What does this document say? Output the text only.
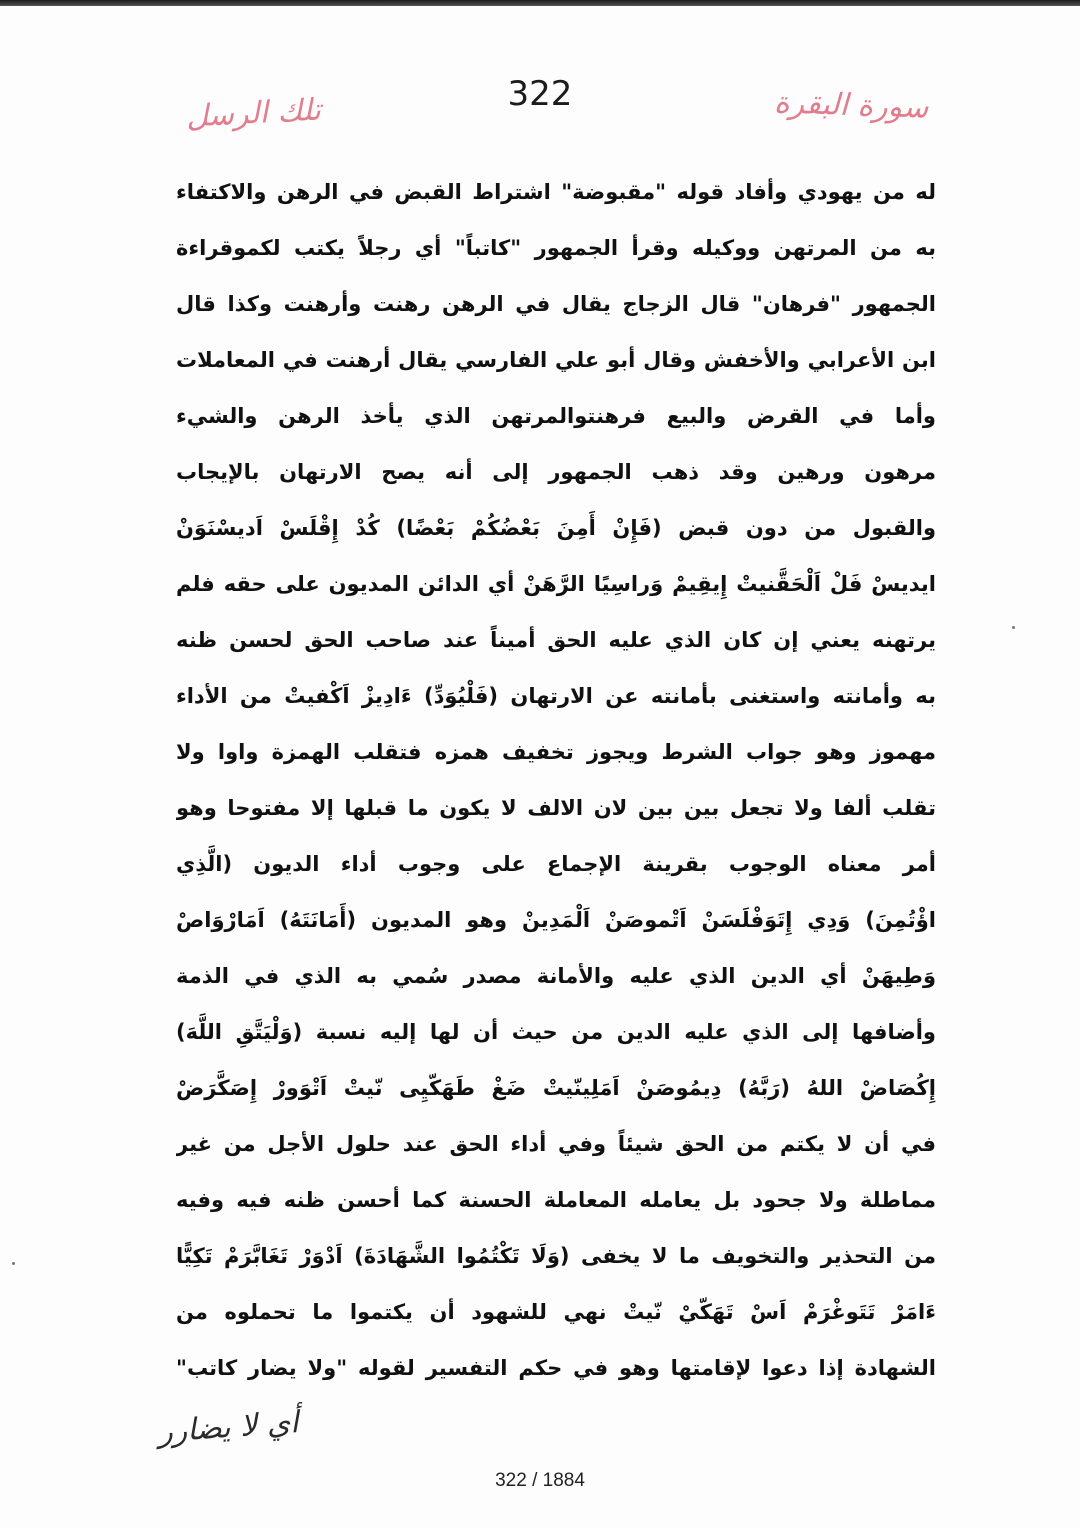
322
تلك الرسل	سورة البقرة
له من يهودي وأفاد قوله "مقبوضة" اشتراط القبض في الرهن والاكتفاء
به من المرتهن ووكيله وقرأ الجمهور "كاتباً" أي رجلاً يكتب لكموقراءة
الجمهور "فرهان" قال الزجاج يقال في الرهن رهنت وأرهنت وكذا قال
ابن الأعرابي والأخفش وقال أبو علي الفارسي يقال أرهنت في المعاملات
وأما في القرض والبيع فرهنتوالمرتهن الذي يأخذ الرهن والشيء
مرهون ورهين وقد ذهب الجمهور إلى أنه يصح الارتهان بالإيجاب
والقبول من دون قبض (فَإِنْ أَمِنَ بَعْضُكُمْ بَعْضًا) كُدْ إِقْلَسْ اَديسْنَوَنْ
ايديسْ فَلْ اَلْحَقَّنيتْ إِيقِيمْ وَراسِيًا الرَّهَنْ أي الدائن المديون على حقه فلم
يرتهنه يعني إن كان الذي عليه الحق أميناً عند صاحب الحق لحسن ظنه
به وأمانته واستغنى بأمانته عن الارتهان (فَلْيُوَدِّ) ءَادِيزْ اَكْفيتْ من الأداء
مهموز وهو جواب الشرط ويجوز تخفيف همزه فتقلب الهمزة واوا ولا
تقلب ألفا ولا تجعل بين بين لان الالف لا يكون ما قبلها إلا مفتوحا وهو
أمر معناه الوجوب بقرينة الإجماع على وجوب أداء الديون (الَّذِي
اؤْتُمِنَ) وَدِي إِتَوَفْلَسَنْ اَتْموصَنْ اَلْمَدِينْ وهو المديون (أَمَانَتَهُ) اَمَارْوَاصْ
وَطِيهَنْ أي الدين الذي عليه والأمانة مصدر سُمي به الذي في الذمة
وأضافها إلى الذي عليه الدين من حيث أن لها إليه نسبة (وَلْيَتَّقِ اللَّهَ)
إِكُصَاضْ اللهُ (رَبَّهُ) دِيمُوصَنْ اَمَلِينّيتْ ضَغْ طَهَكّيِى نّيتْ اَتْوَورْ إِصَكَّرَضْ
في أن لا يكتم من الحق شيئاً وفي أداء الحق عند حلول الأجل من غير
مماطلة ولا جحود بل يعامله المعاملة الحسنة كما أحسن ظنه فيه وفيه
من التحذير والتخويف ما لا يخفى (وَلَا تَكْتُمُوا الشَّهَادَةَ) اَدْوَرْ تَغَابَّرَمْ تَكِيًّا
ءَامَرْ تَتَوغْرَمْ اَسْ تَهَكّيْ نّيتْ نهي للشهود أن يكتموا ما تحملوه من
الشهادة إذا دعوا لإقامتها وهو في حكم التفسير لقوله "ولا يضار كاتب"
أي لا يضارر
322 / 1884
